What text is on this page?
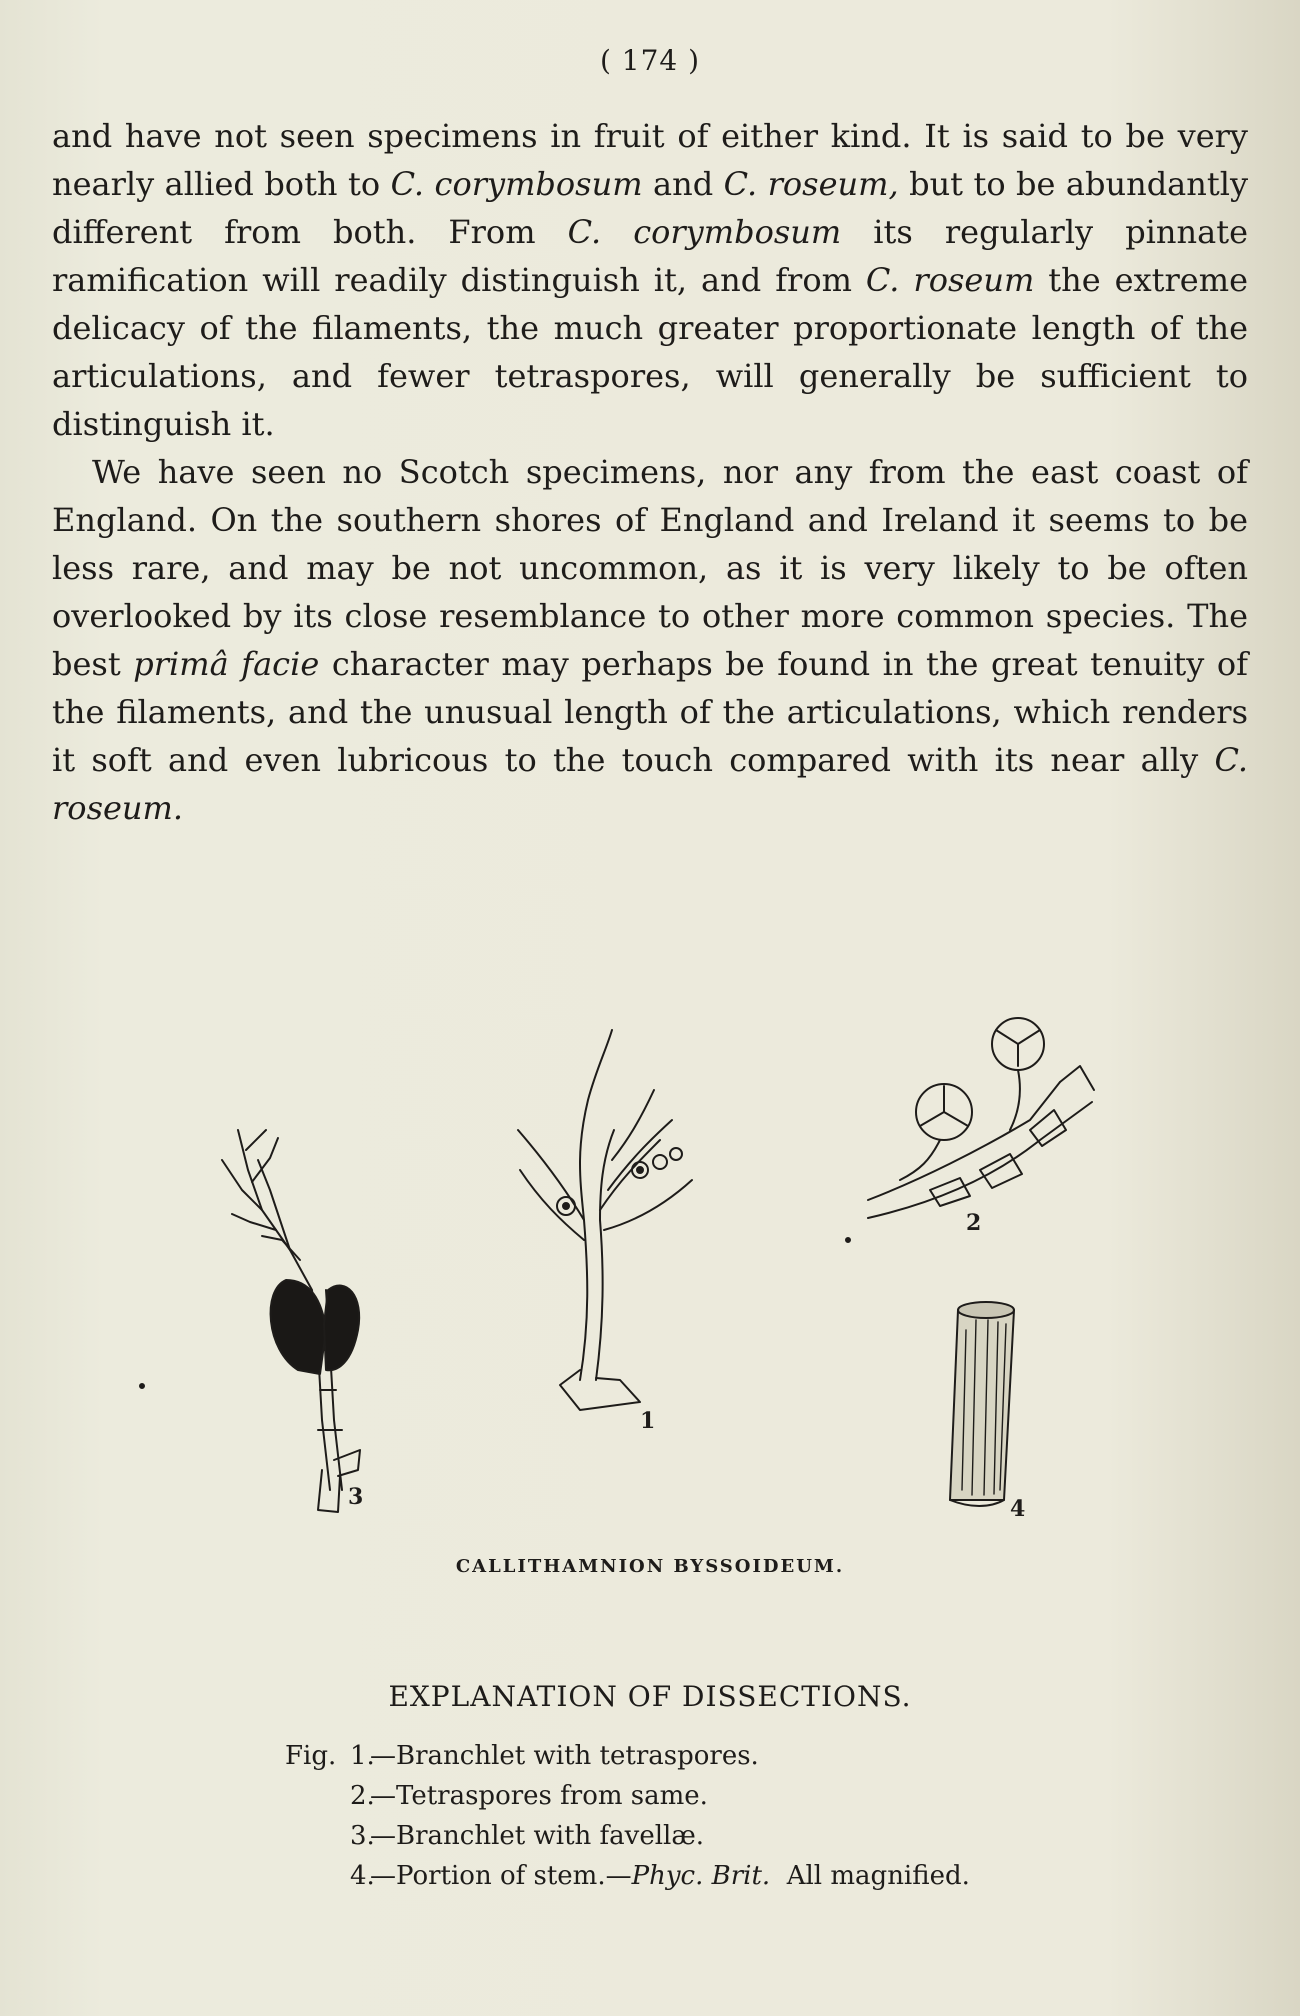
( 174 )

and have not seen specimens in fruit of either kind. It is said to be very nearly allied both to C. corymbosum and C. roseum, but to be abundantly different from both. From C. corymbosum its regularly pinnate ramification will readily distinguish it, and from C. roseum the extreme delicacy of the filaments, the much greater proportionate length of the articulations, and fewer tetraspores, will generally be sufficient to distinguish it.

We have seen no Scotch specimens, nor any from the east coast of England. On the southern shores of England and Ireland it seems to be less rare, and may be not uncommon, as it is very likely to be often overlooked by its close resemblance to other more common species. The best primâ facie character may perhaps be found in the great tenuity of the filaments, and the unusual length of the articulations, which renders it soft and even lubricous to the touch compared with its near ally C. roseum.

1
2
3	4
CALLITHAMNION BYSSOIDEUM.
EXPLANATION OF DISSECTIONS.
Fig. 1.
—Branchlet with tetraspores.
2.
—Tetraspores from same.
3.
—Branchlet with favellæ.
4.
—Portion of stem.— Phyc. Brit. All magnified.
